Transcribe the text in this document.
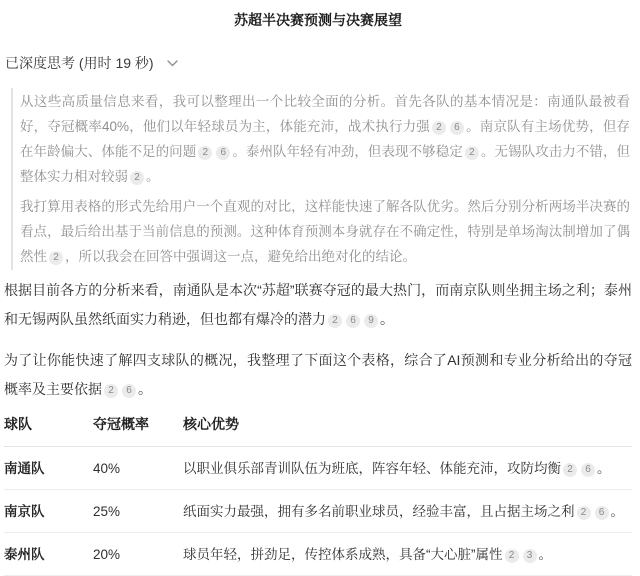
苏超半决赛预测与决赛展望
已深度思考 (用时 19 秒)

从这些高质量信息来看，我可以整理出一个比较全面的分析。首先各队的基本情况是：南通队最被看好，夺冠概率40%，他们以年轻球员为主，体能充沛，战术执行力强 2 6 。南京队有主场优势，但存在年龄偏大、体能不足的问题 2 6 。泰州队年轻有冲劲，但表现不够稳定 2 。无锡队攻击力不错，但整体实力相对较弱 2 。

我打算用表格的形式先给用户一个直观的对比，这样能快速了解各队优劣。然后分别分析两场半决赛的看点，最后给出基于当前信息的预测。这种体育预测本身就存在不确定性，特别是单场淘汰制增加了偶然性 2 ，所以我会在回答中强调这一点，避免给出绝对化的结论。

根据目前各方的分析来看，南通队是本次“苏超”联赛夺冠的最大热门，而南京队则坐拥主场之利；泰州和无锡两队虽然纸面实力稍逊，但也都有爆冷的潜力 2 6 9 。

为了让你能快速了解四支球队的概况，我整理了下面这个表格，综合了AI预测和专业分析给出的夺冠概率及主要依据 2 6 。

球队	夺冠概率	核心优势
南通队	40%	以职业俱乐部青训队伍为班底，阵容年轻、体能充沛，攻防均衡 2 6 。
南京队	25%	纸面实力最强，拥有多名前职业球员，经验丰富，且占据主场之利 2 6 。
泰州队	20%	球员年轻，拼劲足，传控体系成熟，具备“大心脏”属性 2 3 。
